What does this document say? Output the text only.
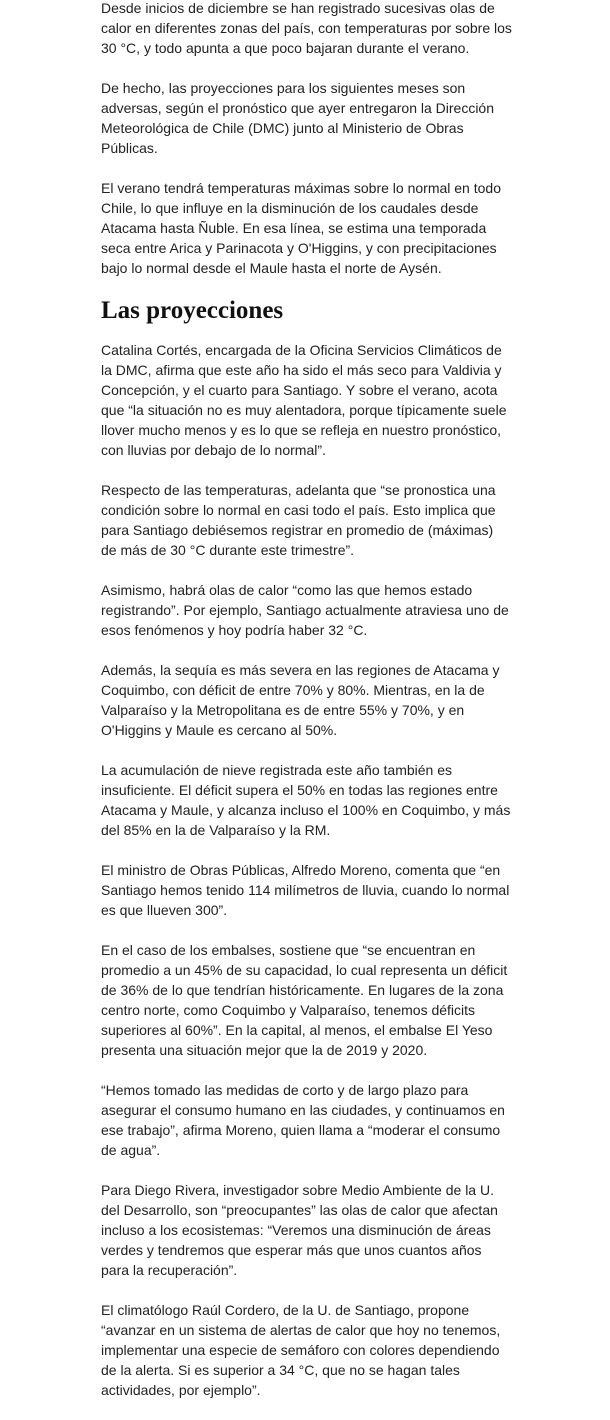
Desde inicios de diciembre se han registrado sucesivas olas de calor en diferentes zonas del país, con temperaturas por sobre los 30 °C, y todo apunta a que poco bajaran durante el verano.

De hecho, las proyecciones para los siguientes meses son adversas, según el pronóstico que ayer entregaron la Dirección Meteorológica de Chile (DMC) junto al Ministerio de Obras Públicas.

El verano tendrá temperaturas máximas sobre lo normal en todo Chile, lo que influye en la disminución de los caudales desde Atacama hasta Ñuble. En esa línea, se estima una temporada seca entre Arica y Parinacota y O'Higgins, y con precipitaciones bajo lo normal desde el Maule hasta el norte de Aysén.

Las proyecciones

Catalina Cortés, encargada de la Oficina Servicios Climáticos de la DMC, afirma que este año ha sido el más seco para Valdivia y Concepción, y el cuarto para Santiago. Y sobre el verano, acota que “la situación no es muy alentadora, porque típicamente suele llover mucho menos y es lo que se refleja en nuestro pronóstico, con lluvias por debajo de lo normal”.

Respecto de las temperaturas, adelanta que “se pronostica una condición sobre lo normal en casi todo el país. Esto implica que para Santiago debiésemos registrar en promedio de (máximas) de más de 30 °C durante este trimestre”.

Asimismo, habrá olas de calor “como las que hemos estado registrando”. Por ejemplo, Santiago actualmente atraviesa uno de esos fenómenos y hoy podría haber 32 °C.

Además, la sequía es más severa en las regiones de Atacama y Coquimbo, con déficit de entre 70% y 80%. Mientras, en la de Valparaíso y la Metropolitana es de entre 55% y 70%, y en O'Higgins y Maule es cercano al 50%.

La acumulación de nieve registrada este año también es insuficiente. El déficit supera el 50% en todas las regiones entre Atacama y Maule, y alcanza incluso el 100% en Coquimbo, y más del 85% en la de Valparaíso y la RM.

El ministro de Obras Públicas, Alfredo Moreno, comenta que “en Santiago hemos tenido 114 milímetros de lluvia, cuando lo normal es que llueven 300”.

En el caso de los embalses, sostiene que “se encuentran en promedio a un 45% de su capacidad, lo cual representa un déficit de 36% de lo que tendrían históricamente. En lugares de la zona centro norte, como Coquimbo y Valparaíso, tenemos déficits superiores al 60%”. En la capital, al menos, el embalse El Yeso presenta una situación mejor que la de 2019 y 2020.

“Hemos tomado las medidas de corto y de largo plazo para asegurar el consumo humano en las ciudades, y continuamos en ese trabajo”, afirma Moreno, quien llama a “moderar el consumo de agua”.

Para Diego Rivera, investigador sobre Medio Ambiente de la U. del Desarrollo, son “preocupantes” las olas de calor que afectan incluso a los ecosistemas: “Veremos una disminución de áreas verdes y tendremos que esperar más que unos cuantos años para la recuperación”.

El climatólogo Raúl Cordero, de la U. de Santiago, propone “avanzar en un sistema de alertas de calor que hoy no tenemos, implementar una especie de semáforo con colores dependiendo de la alerta. Si es superior a 34 °C, que no se hagan tales actividades, por ejemplo”.
